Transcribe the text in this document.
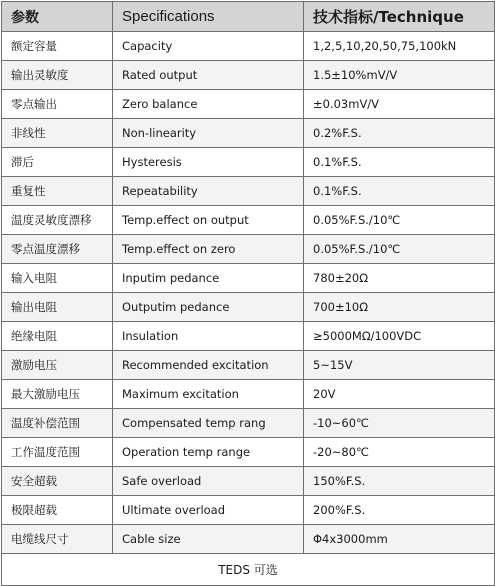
参数	Specifications	技术指标/Technique
额定容量	Capacity	1,2,5,10,20,50,75,100kN
输出灵敏度	Rated output	1.5±10%mV/V
零点输出	Zero balance	±0.03mV/V
非线性	Non-linearity	0.2%F.S.
滞后	Hysteresis	0.1%F.S.
重复性	Repeatability	0.1%F.S.
温度灵敏度漂移	Temp.effect on output	0.05%F.S./10℃
零点温度漂移	Temp.effect on zero	0.05%F.S./10℃
输入电阻	Inputim pedance	780±20Ω
输出电阻	Outputim pedance	700±10Ω
绝缘电阻	Insulation	≥5000MΩ/100VDC
激励电压	Recommended excitation	5~15V
最大激励电压	Maximum excitation	20V
温度补偿范围	Compensated temp rang	-10~60℃
工作温度范围	Operation temp range	-20~80℃
安全超载	Safe overload	150%F.S.
极限超载	Ultimate overload	200%F.S.
电缆线尺寸	Cable size	Φ4x3000mm
TEDS 可选		
